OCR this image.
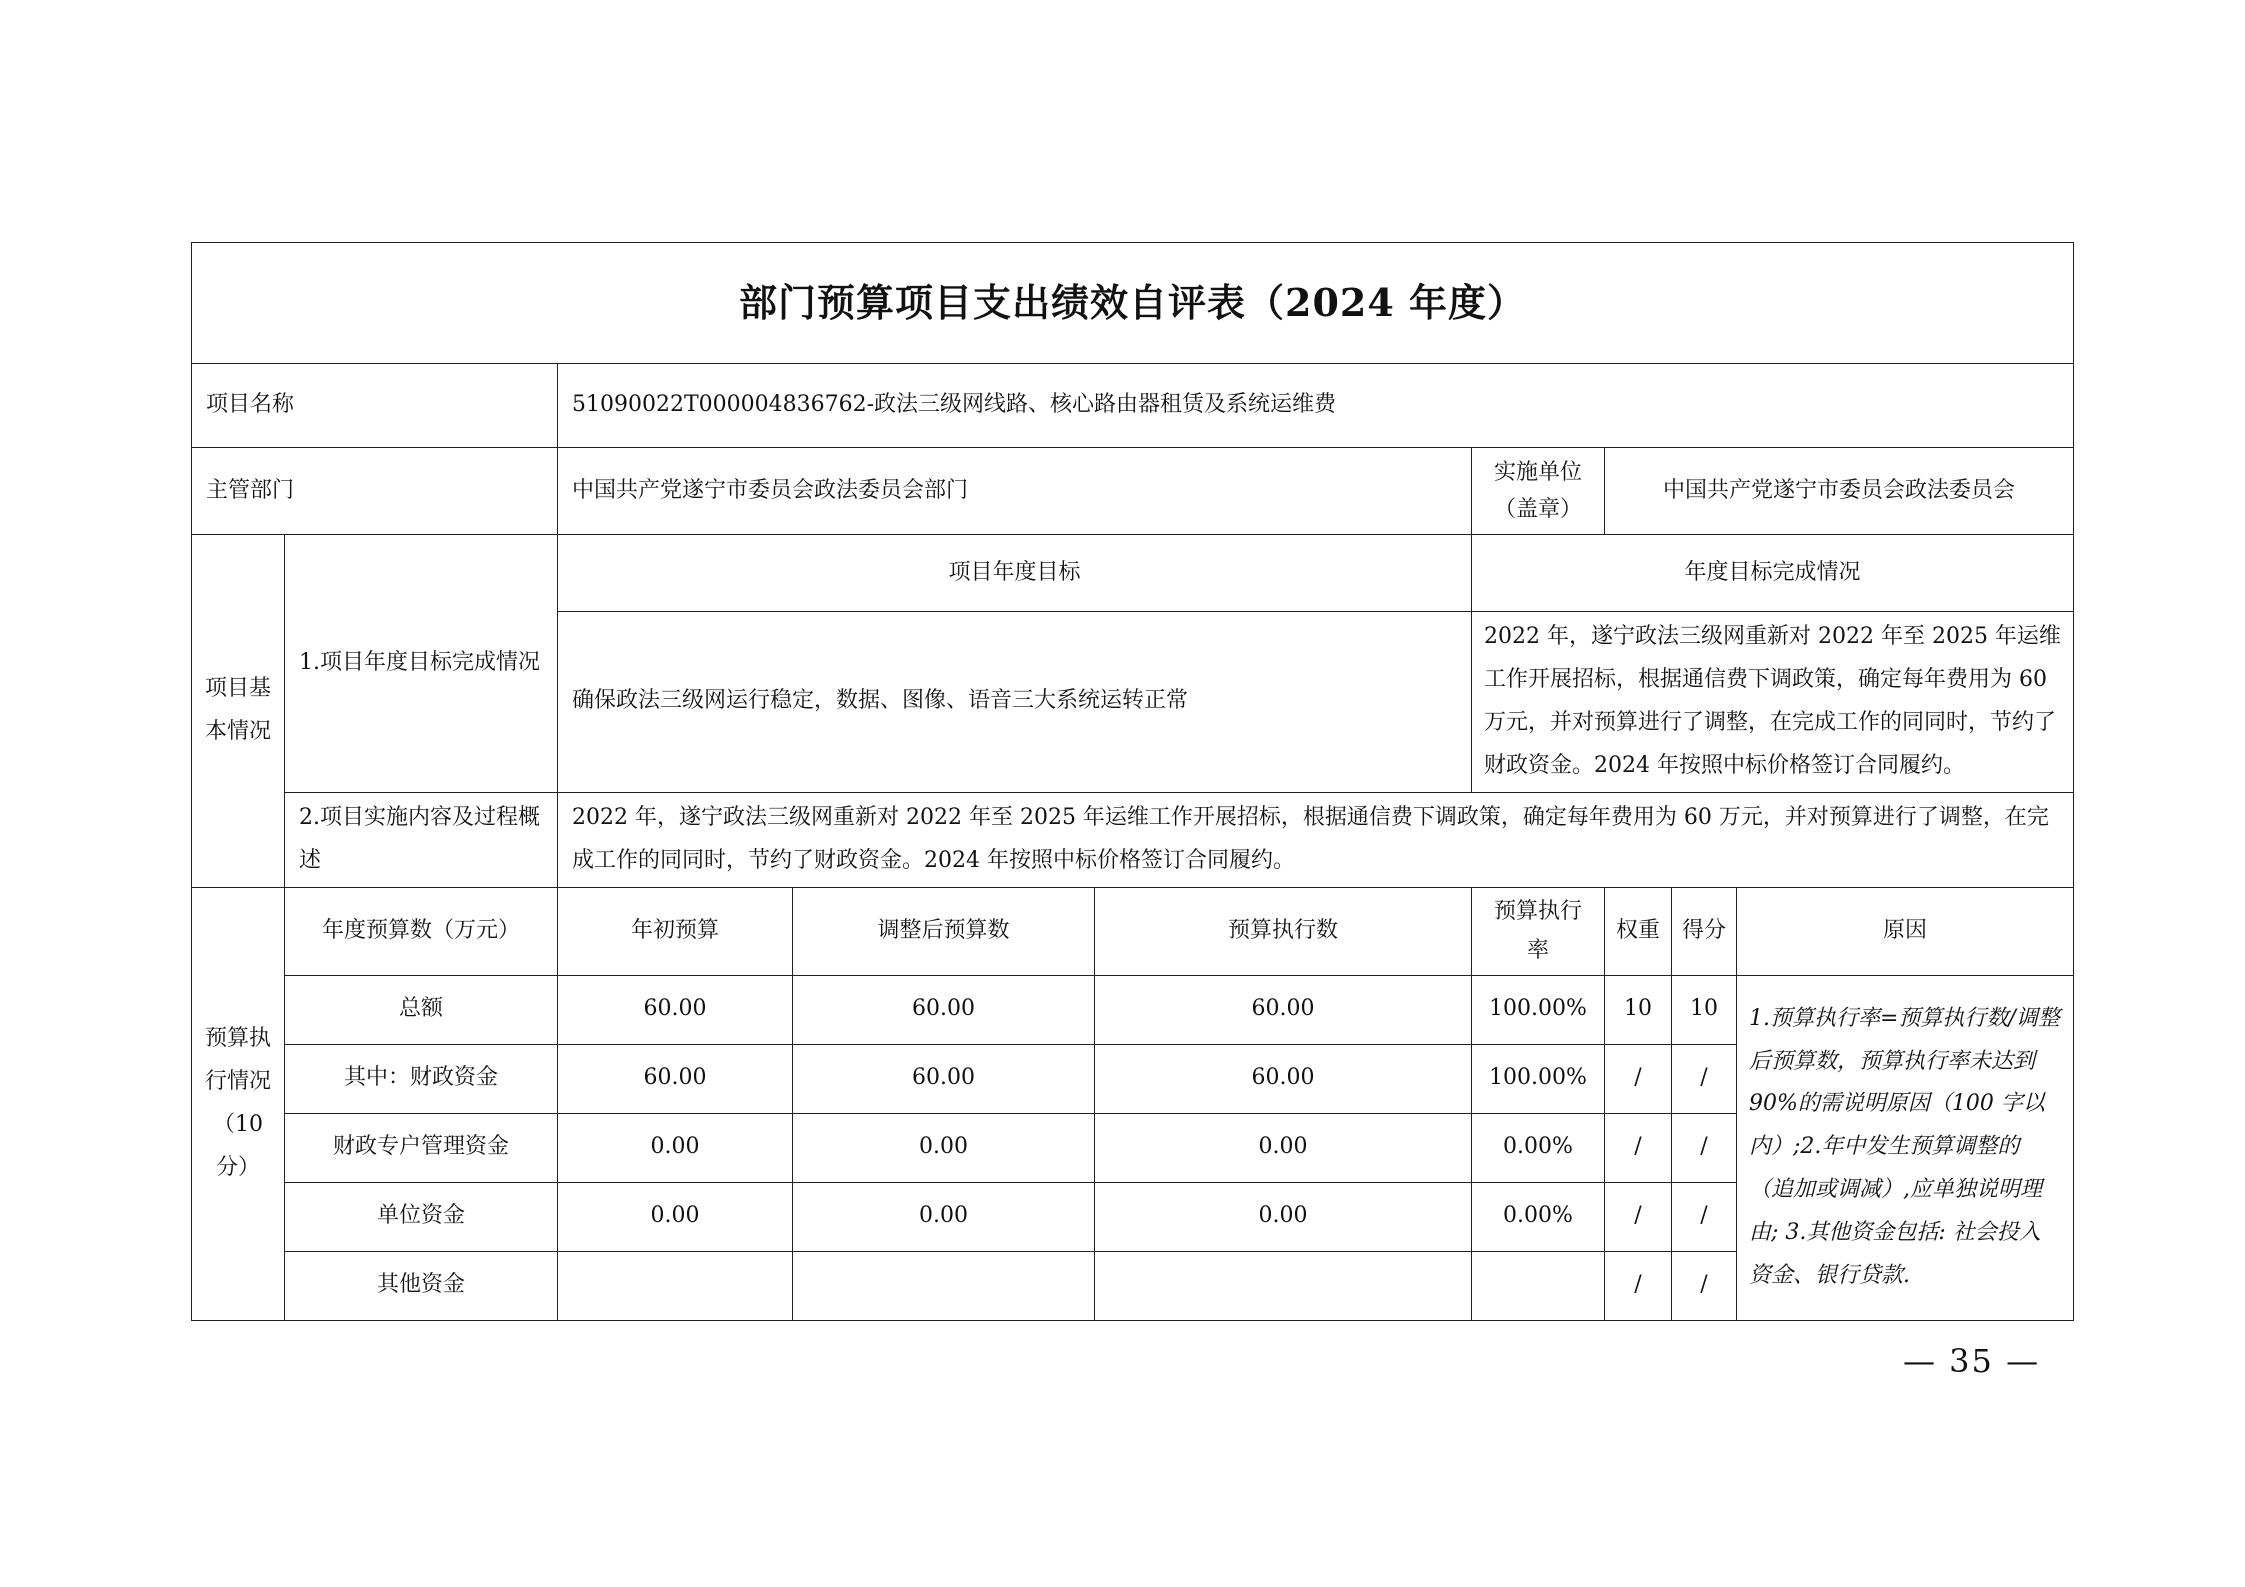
部门预算项目支出绩效自评表（2024 年度）								
项目名称		51090022T000004836762-政法三级网线路、核心路由器租赁及系统运维费						
主管部门		中国共产党遂宁市委员会政法委员会部门			实施单位
（盖章）	中国共产党遂宁市委员会政法委员会		
项目基本情况	1.项目年度目标完成情况	项目年度目标			年度目标完成情况			
		确保政法三级网运行稳定，数据、图像、语音三大系统运转正常			2022 年，遂宁政法三级网重新对 2022 年至 2025 年运维工作开展招标，根据通信费下调政策，确定每年费用为 60 万元，并对预算进行了调整，在完成工作的同同时，节约了财政资金。2024 年按照中标价格签订合同履约。			
	2.项目实施内容及过程概述	2022 年，遂宁政法三级网重新对 2022 年至 2025 年运维工作开展招标，根据通信费下调政策，确定每年费用为 60 万元，并对预算进行了调整，在完成工作的同同时，节约了财政资金。2024 年按照中标价格签订合同履约。						
预算执行情况（10分）	年度预算数（万元）	年初预算	调整后预算数	预算执行数	预算执行率	权重	得分	原因
	总额	60.00	60.00	60.00	100.00%	10	10	1.预算执行率=预算执行数/调整后预算数，预算执行率未达到 90%的需说明原因（100 字以内）;2.年中发生预算调整的（追加或调减）,应单独说明理由; 3.其他资金包括: 社会投入资金、银行贷款.
	其中：财政资金	60.00	60.00	60.00	100.00%	/	/	
	财政专户管理资金	0.00	0.00	0.00	0.00%	/	/	
	单位资金	0.00	0.00	0.00	0.00%	/	/	
	其他资金					/	/	
— 35 —
